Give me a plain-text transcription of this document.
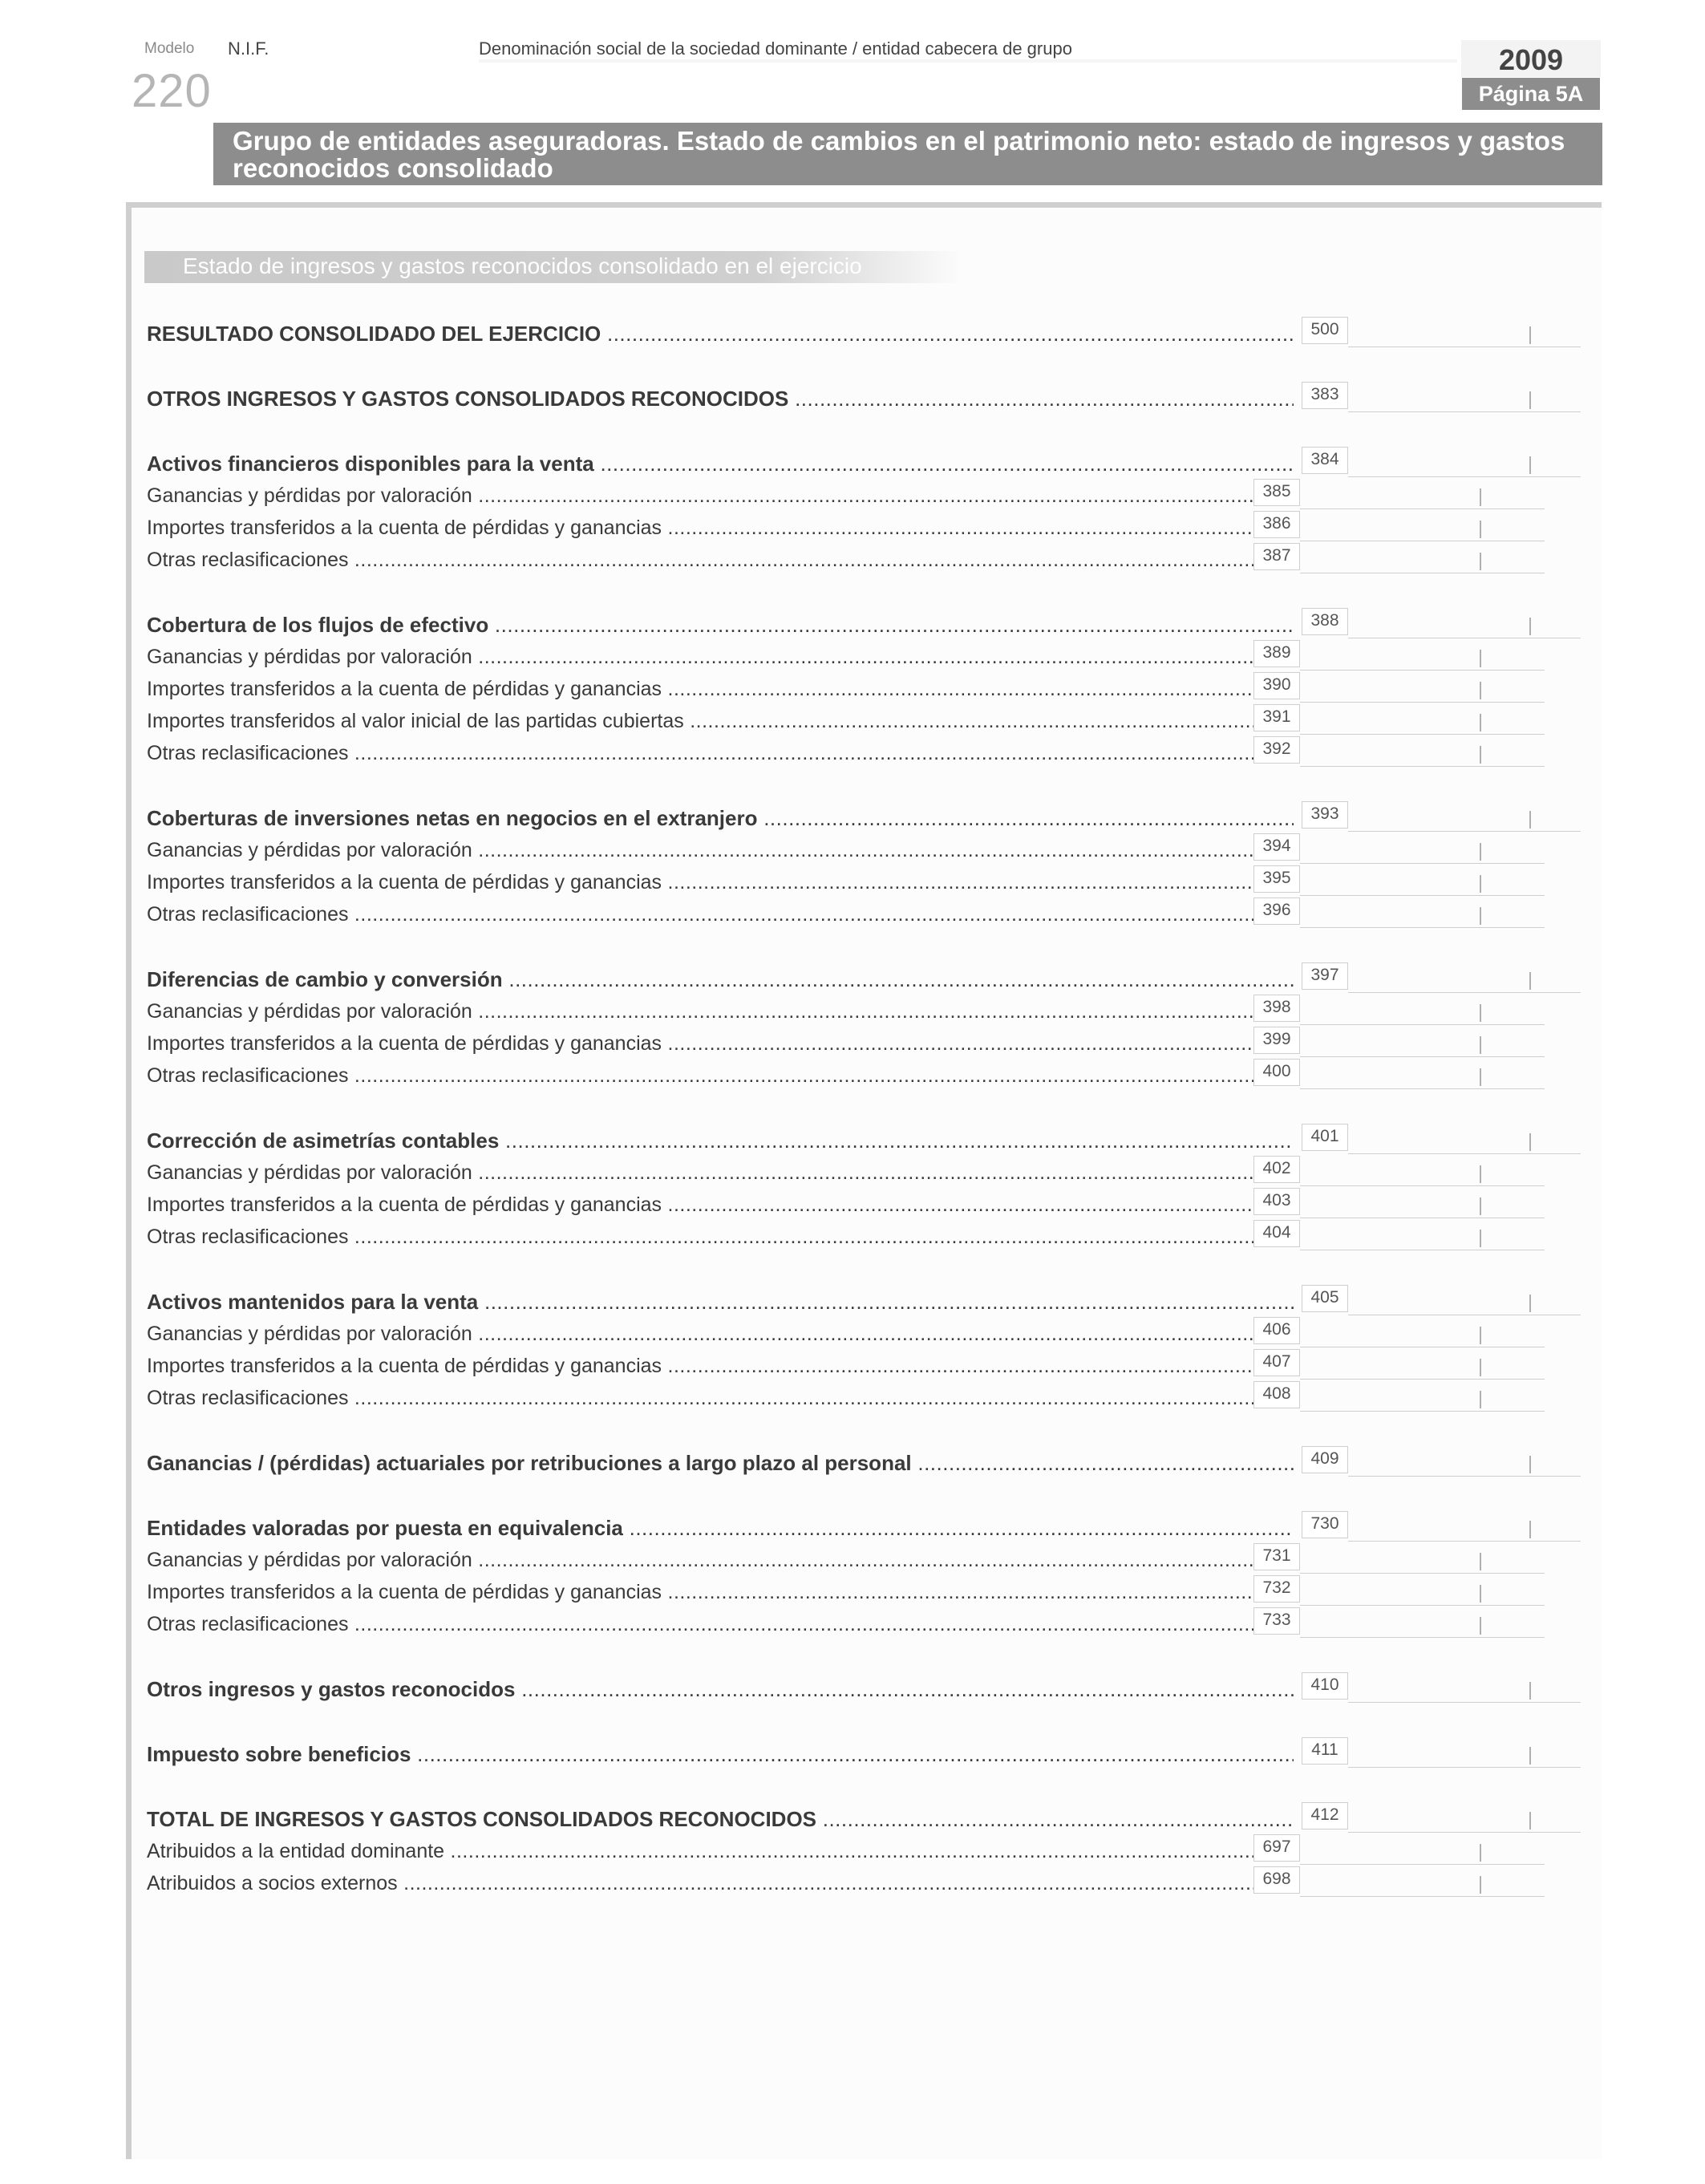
Modelo
220
N.I.F.	Denominación social de la sociedad dominante / entidad cabecera de grupo	2009
Página 5A
Grupo de entidades aseguradoras. Estado de cambios en el patrimonio neto: estado de ingresos y gastos reconocidos consolidado
Estado de ingresos y gastos reconocidos consolidado en el ejercicio
RESULTADO CONSOLIDADO DEL EJERCICIO .....	500
OTROS INGRESOS Y GASTOS CONSOLIDADOS RECONOCIDOS .....	383
Activos financieros disponibles para la venta .....	384
Ganancias y pérdidas por valoración .....	385
Importes transferidos a la cuenta de pérdidas y ganancias .....	386
Otras reclasificaciones .....	387
Cobertura de los flujos de efectivo .....	388
Ganancias y pérdidas por valoración .....	389
Importes transferidos a la cuenta de pérdidas y ganancias .....	390
Importes transferidos al valor inicial de las partidas cubiertas .....	391
Otras reclasificaciones .....	392
Coberturas de inversiones netas en negocios en el extranjero .....	393
Ganancias y pérdidas por valoración .....	394
Importes transferidos a la cuenta de pérdidas y ganancias .....	395
Otras reclasificaciones .....	396
Diferencias de cambio y conversión .....	397
Ganancias y pérdidas por valoración .....	398
Importes transferidos a la cuenta de pérdidas y ganancias .....	399
Otras reclasificaciones .....	400
Corrección de asimetrías contables .....	401
Ganancias y pérdidas por valoración .....	402
Importes transferidos a la cuenta de pérdidas y ganancias .....	403
Otras reclasificaciones .....	404
Activos mantenidos para la venta .....	405
Ganancias y pérdidas por valoración .....	406
Importes transferidos a la cuenta de pérdidas y ganancias .....	407
Otras reclasificaciones .....	408
Ganancias / (pérdidas) actuariales por retribuciones a largo plazo al personal .....	409
Entidades valoradas por puesta en equivalencia .....	730
Ganancias y pérdidas por valoración .....	731
Importes transferidos a la cuenta de pérdidas y ganancias .....	732
Otras reclasificaciones .....	733
Otros ingresos y gastos reconocidos .....	410
Impuesto sobre beneficios .....	411
TOTAL DE INGRESOS Y GASTOS CONSOLIDADOS RECONOCIDOS .....	412
Atribuidos a la entidad dominante .....	697
Atribuidos a socios externos .....	698
